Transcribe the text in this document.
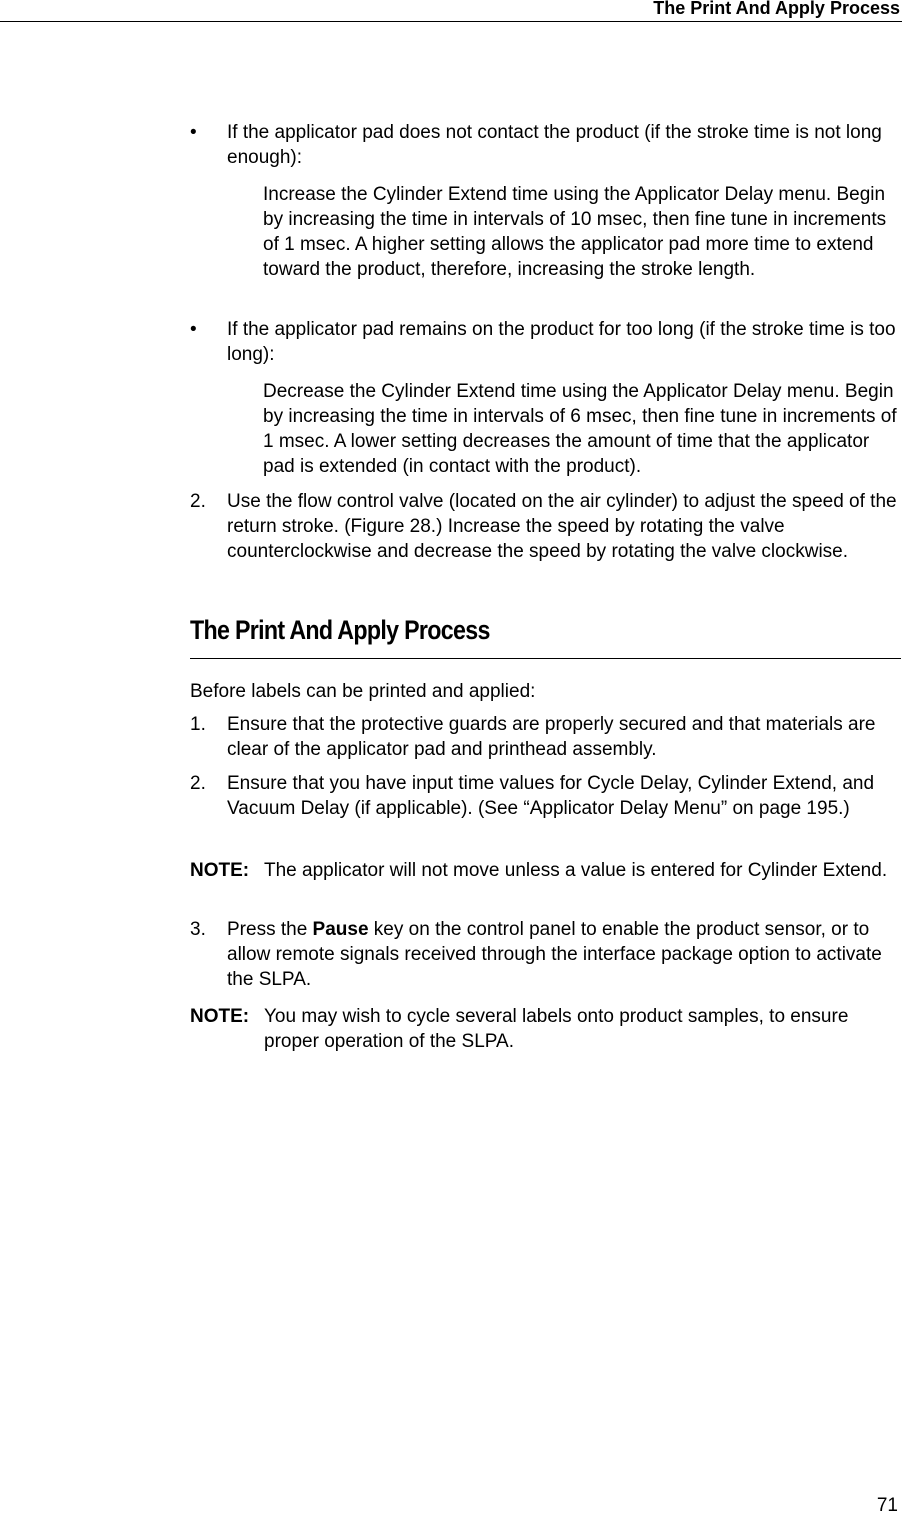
The Print And Apply Process
• If the applicator pad does not contact the product (if the stroke time is not long enough):
Increase the Cylinder Extend time using the Applicator Delay menu. Begin by increasing the time in intervals of 10 msec, then fine tune in increments of 1 msec. A higher setting allows the applicator pad more time to extend toward the product, therefore, increasing the stroke length.
• If the applicator pad remains on the product for too long (if the stroke time is too long):
Decrease the Cylinder Extend time using the Applicator Delay menu. Begin by increasing the time in intervals of 6 msec, then fine tune in increments of 1 msec. A lower setting decreases the amount of time that the applicator pad is extended (in contact with the product).
2. Use the flow control valve (located on the air cylinder) to adjust the speed of the return stroke. (Figure 28.) Increase the speed by rotating the valve counterclockwise and decrease the speed by rotating the valve clockwise.
The Print And Apply Process
Before labels can be printed and applied:
1. Ensure that the protective guards are properly secured and that materials are clear of the applicator pad and printhead assembly.
2. Ensure that you have input time values for Cycle Delay, Cylinder Extend, and Vacuum Delay (if applicable). (See “Applicator Delay Menu” on page 195.)
NOTE: The applicator will not move unless a value is entered for Cylinder Extend.
3. Press the Pause key on the control panel to enable the product sensor, or to allow remote signals received through the interface package option to activate the SLPA.
NOTE: You may wish to cycle several labels onto product samples, to ensure proper operation of the SLPA.
71
